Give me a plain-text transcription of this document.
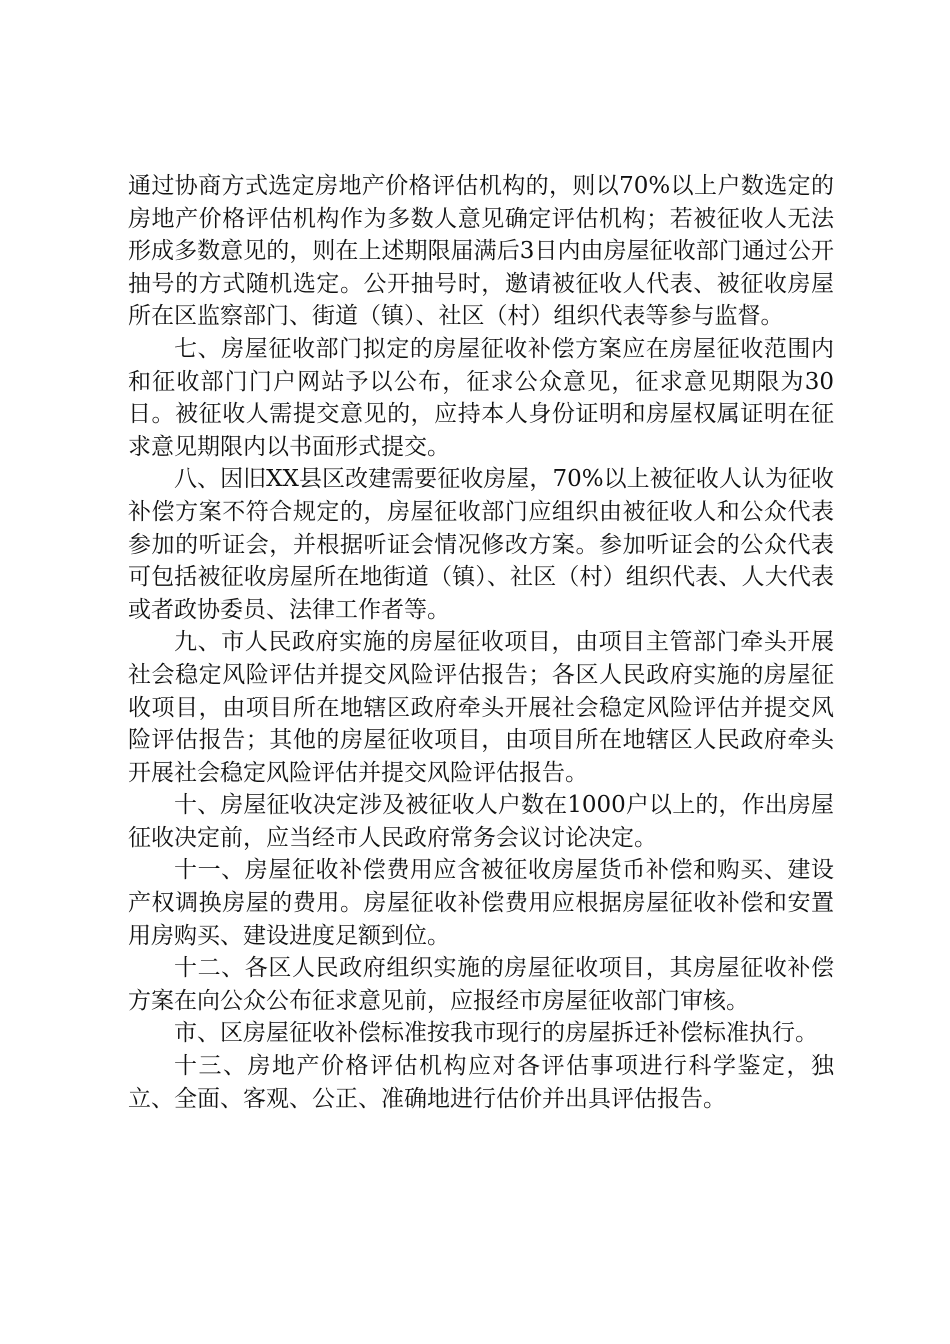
通过协商方式选定房地产价格评估机构的，则以70%以上户数选定的房地产价格评估机构作为多数人意见确定评估机构；若被征收人无法形成多数意见的，则在上述期限届满后3日内由房屋征收部门通过公开抽号的方式随机选定。公开抽号时，邀请被征收人代表、被征收房屋所在区监察部门、街道（镇）、社区（村）组织代表等参与监督。

七、房屋征收部门拟定的房屋征收补偿方案应在房屋征收范围内和征收部门门户网站予以公布，征求公众意见，征求意见期限为30日。被征收人需提交意见的，应持本人身份证明和房屋权属证明在征求意见期限内以书面形式提交。

八、因旧XX县区改建需要征收房屋，70%以上被征收人认为征收补偿方案不符合规定的，房屋征收部门应组织由被征收人和公众代表参加的听证会，并根据听证会情况修改方案。参加听证会的公众代表可包括被征收房屋所在地街道（镇）、社区（村）组织代表、人大代表或者政协委员、法律工作者等。

九、市人民政府实施的房屋征收项目，由项目主管部门牵头开展社会稳定风险评估并提交风险评估报告；各区人民政府实施的房屋征收项目，由项目所在地辖区政府牵头开展社会稳定风险评估并提交风险评估报告；其他的房屋征收项目，由项目所在地辖区人民政府牵头开展社会稳定风险评估并提交风险评估报告。

十、房屋征收决定涉及被征收人户数在1000户以上的，作出房屋征收决定前，应当经市人民政府常务会议讨论决定。

十一、房屋征收补偿费用应含被征收房屋货币补偿和购买、建设产权调换房屋的费用。房屋征收补偿费用应根据房屋征收补偿和安置用房购买、建设进度足额到位。

十二、各区人民政府组织实施的房屋征收项目，其房屋征收补偿方案在向公众公布征求意见前，应报经市房屋征收部门审核。

市、区房屋征收补偿标准按我市现行的房屋拆迁补偿标准执行。

十三、房地产价格评估机构应对各评估事项进行科学鉴定，独立、全面、客观、公正、准确地进行估价并出具评估报告。
